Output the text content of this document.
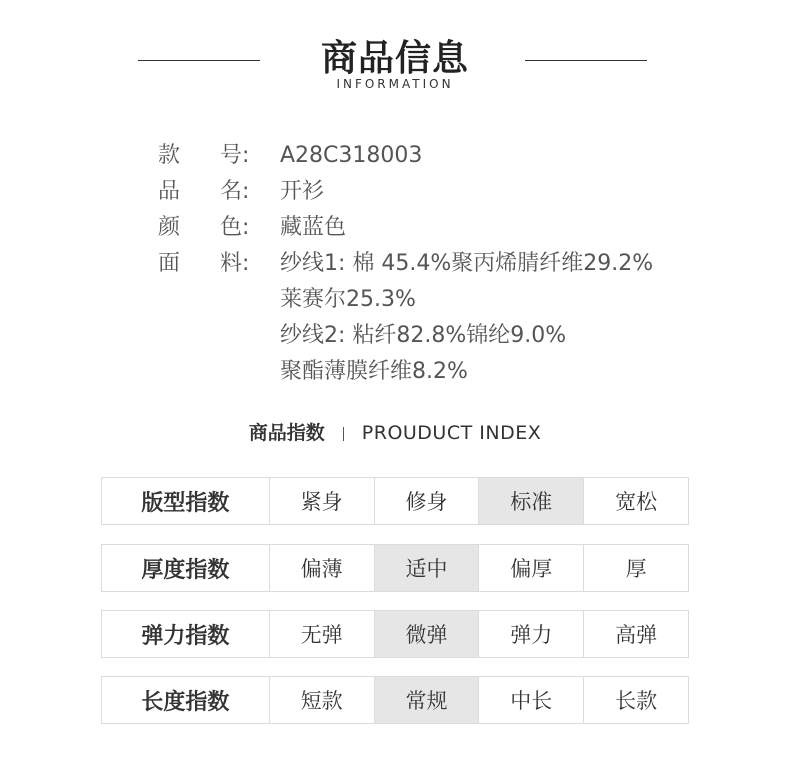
商品信息
INFORMATION
款	号:	A28C318003
品	名:	开衫
颜	色:	藏蓝色
面	料:	纱线1: 棉 45.4%聚丙烯腈纤维29.2%
莱赛尔25.3%
纱线2: 粘纤82.8%锦纶9.0%
聚酯薄膜纤维8.2%
商品指数 PROUDUCT INDEX
版型指数	紧身	修身	标准	宽松
厚度指数	偏薄	适中	偏厚	厚
弹力指数	无弹	微弹	弹力	高弹
长度指数	短款	常规	中长	长款
